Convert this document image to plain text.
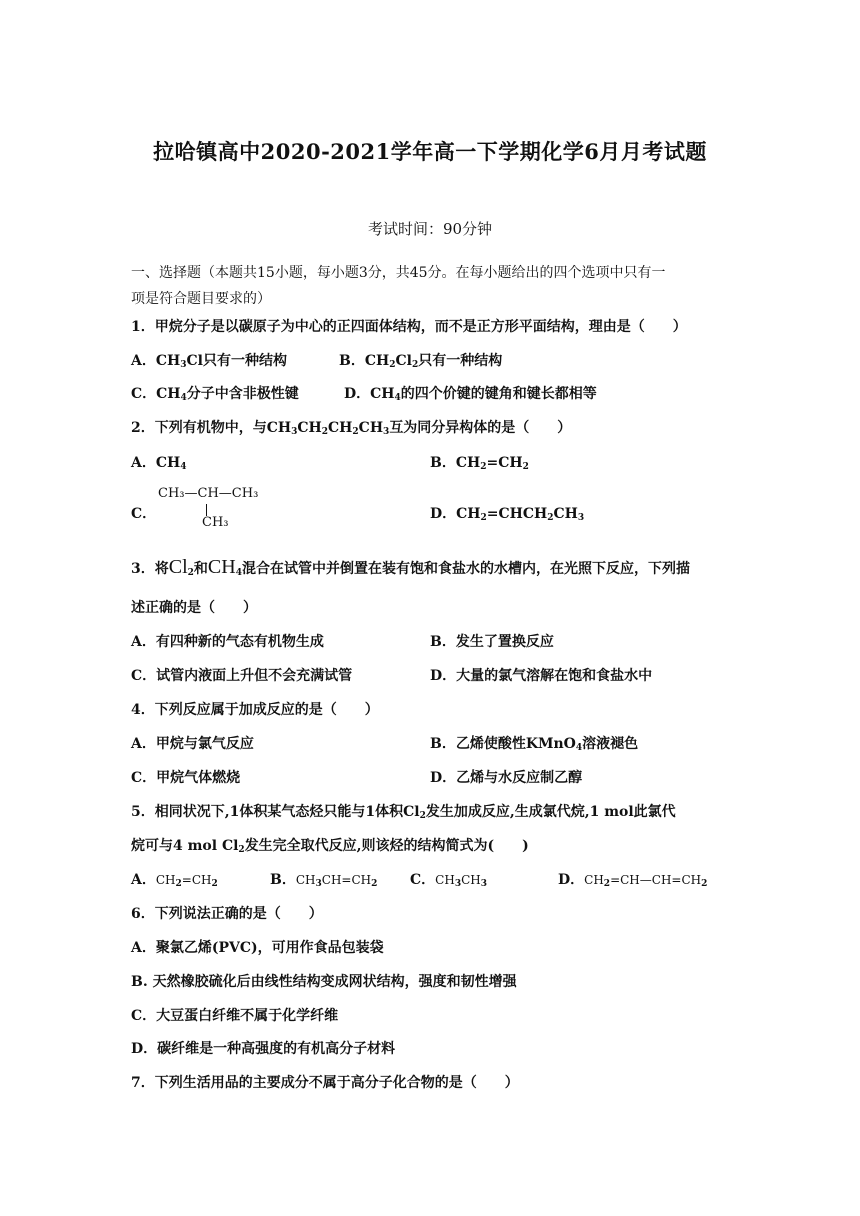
拉哈镇高中2020-2021学年高一下学期化学6月月考试题
考试时间：90分钟
一、选择题（本题共15小题，每小题3分，共45分。在每小题给出的四个选项中只有一
项是符合题目要求的）
1．甲烷分子是以碳原子为中心的正四面体结构，而不是正方形平面结构，理由是（　　）
A．$CH_3Cl$只有一种结构	B．$CH_2Cl_2$只有一种结构
C．$CH_4$分子中含非极性键	D．$CH_4$的四个价键的键角和键长都相等
2．下列有机物中，与$CH_3CH_2CH_2CH_3$互为同分异构体的是（　　）
A．$CH_4$	B．$CH_2=CH_2$
C．
CH₃—CH—CH₃
CH₃
D．$CH_2=CHCH_2CH_3$
3．将$Cl_2$和$CH_4$混合在试管中并倒置在装有饱和食盐水的水槽内，在光照下反应，下列描
述正确的是（　　）
A．有四种新的气态有机物生成	B．发生了置换反应
C．试管内液面上升但不会充满试管	D．大量的氯气溶解在饱和食盐水中
4．下列反应属于加成反应的是（　　）
A．甲烷与氯气反应	B．乙烯使酸性KMnO$_4$溶液褪色
C．甲烷气体燃烧	D．乙烯与水反应制乙醇
5．相同状况下,1体积某气态烃只能与1体积$Cl_2$发生加成反应,生成氯代烷,1 mol此氯代
烷可与4 mol $Cl_2$发生完全取代反应,则该烃的结构简式为(　　)
A．$CH_2=CH_2$	B．$CH_3CH=CH_2$ C．$CH_3CH_3$	D．$CH_2=CH—CH=CH_2$
6．下列说法正确的是（　　）
A．聚氯乙烯(PVC)，可用作食品包装袋
B. 天然橡胶硫化后由线性结构变成网状结构，强度和韧性增强
C．大豆蛋白纤维不属于化学纤维
D．碳纤维是一种高强度的有机高分子材料
7．下列生活用品的主要成分不属于高分子化合物的是（　　）
